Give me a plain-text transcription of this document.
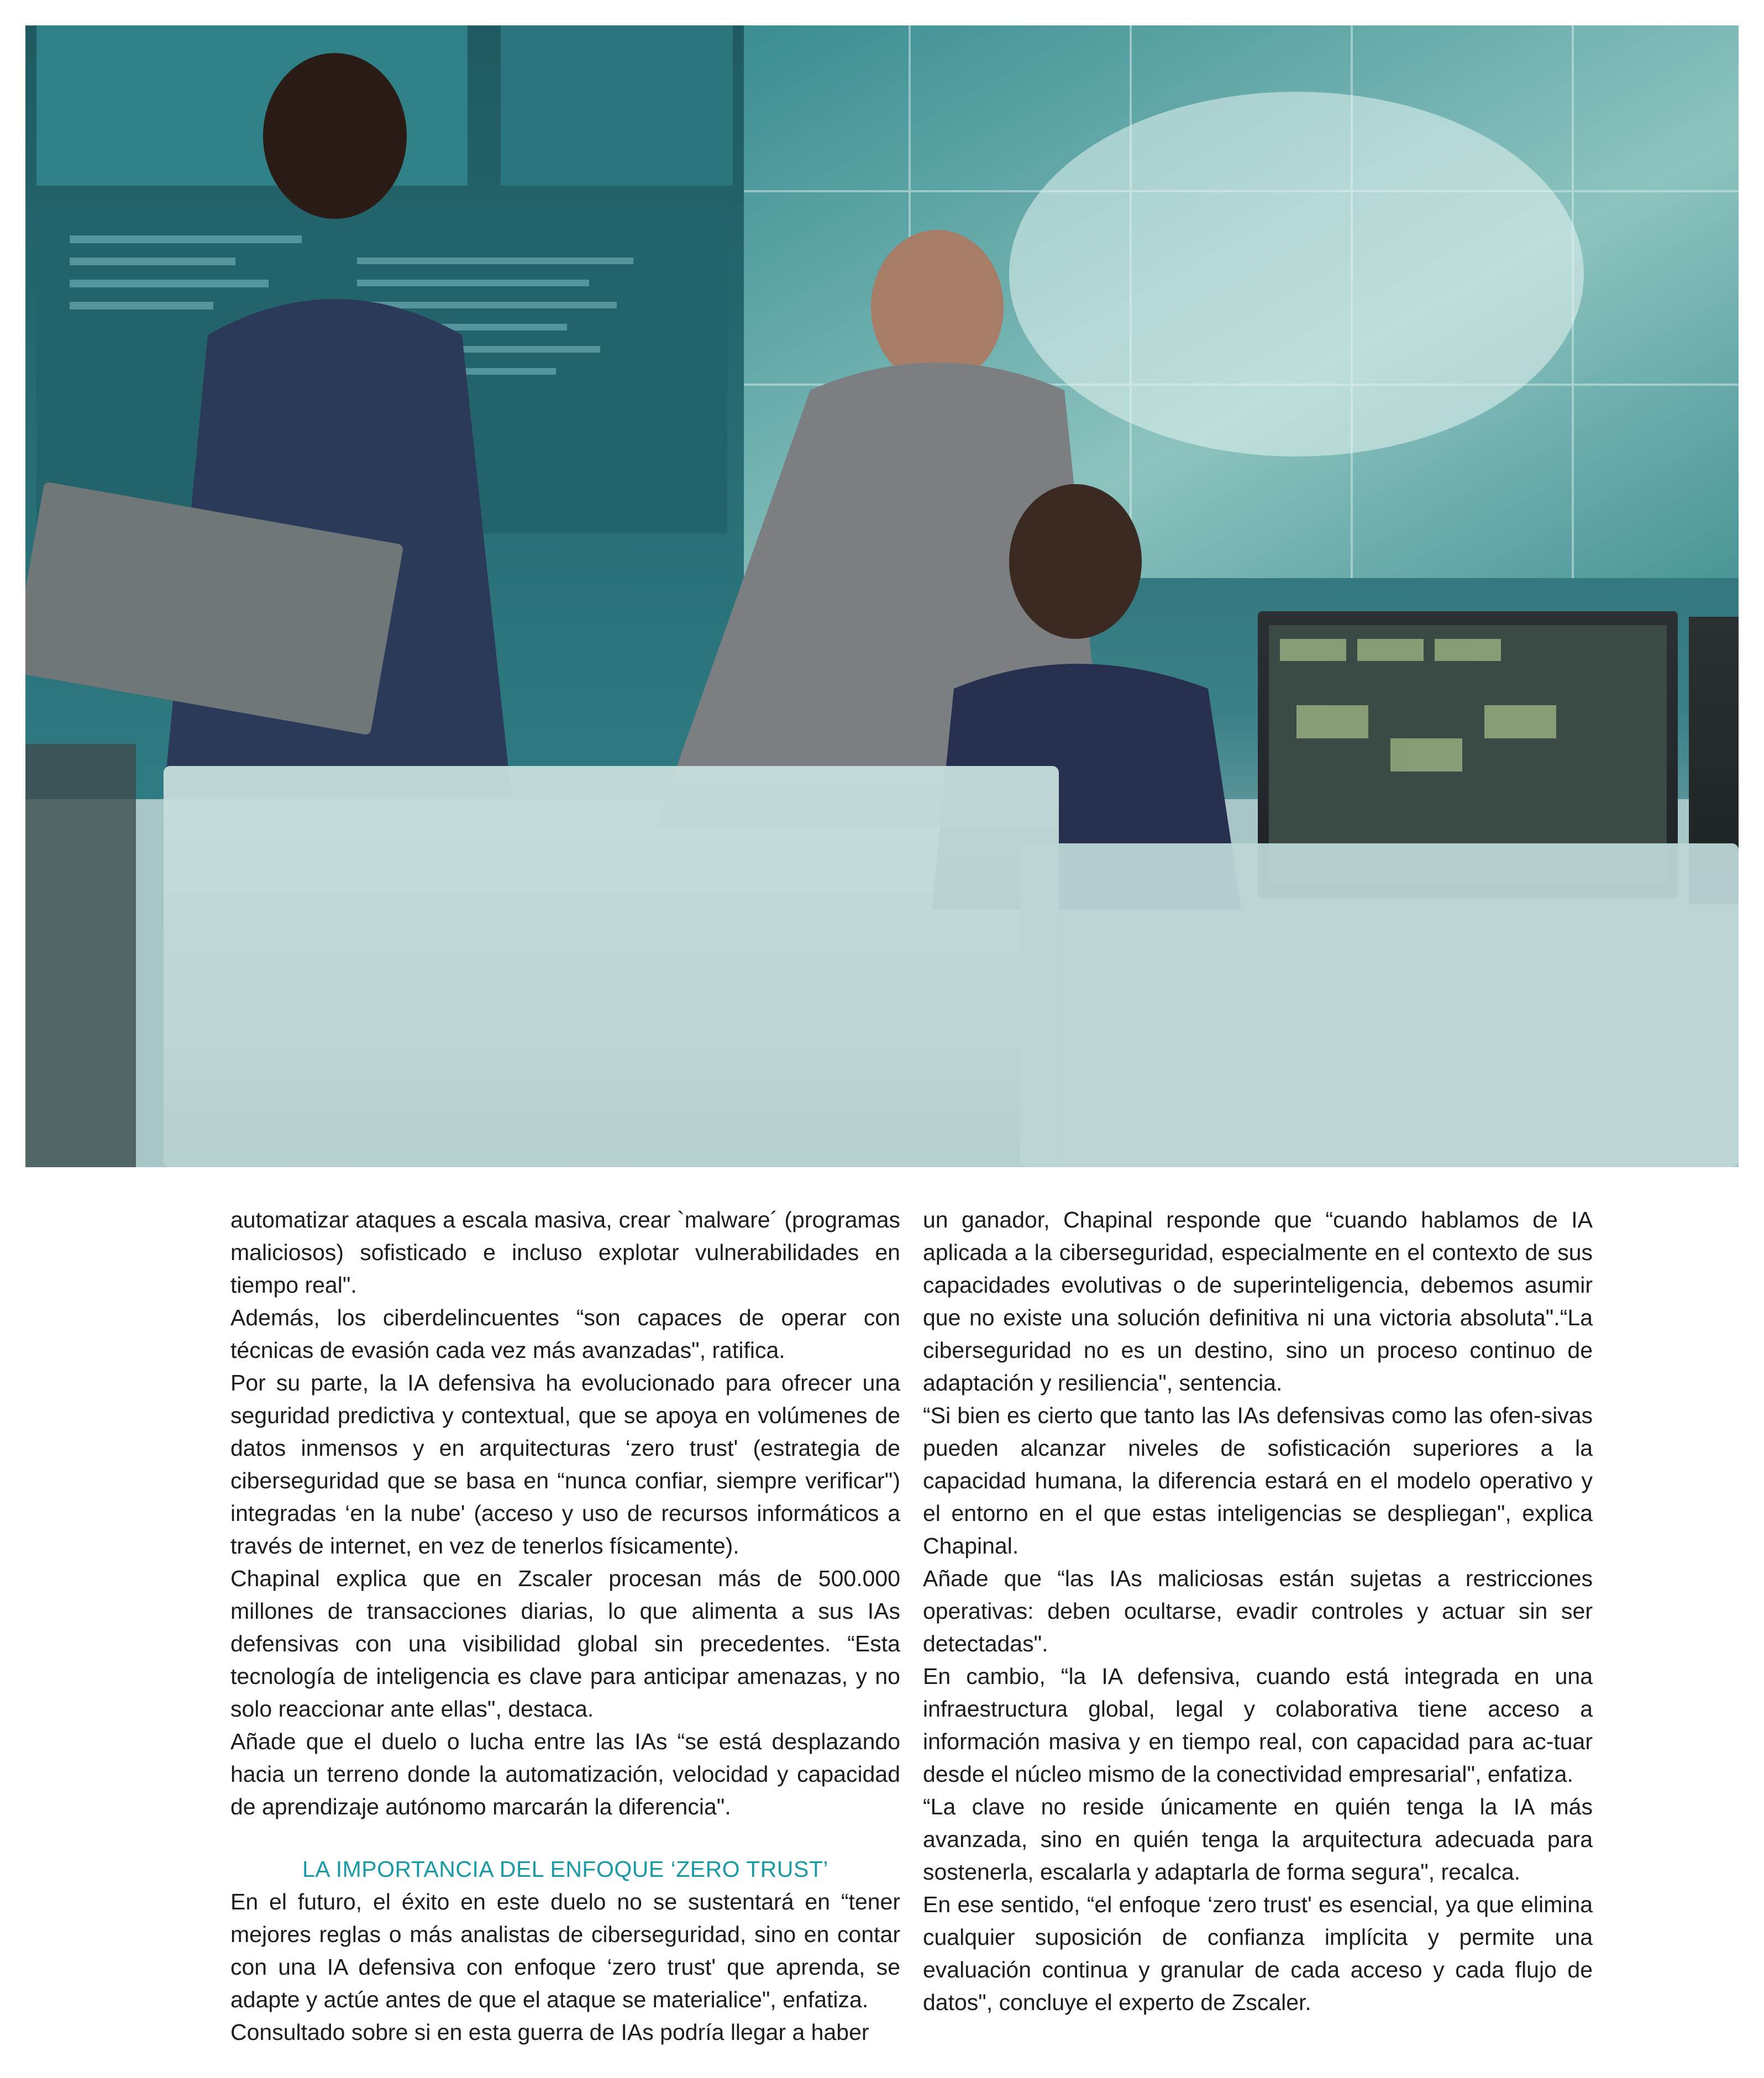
automatizar ataques a escala masiva, crear `malware´ (programas maliciosos) sofisticado e incluso explotar vulnerabilidades en tiempo real".

Además, los ciberdelincuentes “son capaces de operar con técnicas de evasión cada vez más avanzadas", ratifica.

Por su parte, la IA defensiva ha evolucionado para ofrecer una seguridad predictiva y contextual, que se apoya en volúmenes de datos inmensos y en arquitecturas ‘zero trust' (estrategia de ciberseguridad que se basa en “nunca confiar, siempre verificar") integradas ‘en la nube' (acceso y uso de recursos informáticos a través de internet, en vez de tenerlos físicamente).

Chapinal explica que en Zscaler procesan más de 500.000 millones de transacciones diarias, lo que alimenta a sus IAs defensivas con una visibilidad global sin precedentes. “Esta tecnología de inteligencia es clave para anticipar amenazas, y no solo reaccionar ante ellas", destaca.

Añade que el duelo o lucha entre las IAs “se está desplazando hacia un terreno donde la automatización, velocidad y capacidad de aprendizaje autónomo marcarán la diferencia".

LA IMPORTANCIA DEL ENFOQUE ‘ZERO TRUST’

En el futuro, el éxito en este duelo no se sustentará en “tener mejores reglas o más analistas de ciberseguridad, sino en contar con una IA defensiva con enfoque ‘zero trust' que aprenda, se adapte y actúe antes de que el ataque se materialice", enfatiza.

Consultado sobre si en esta guerra de IAs podría llegar a haber

un ganador, Chapinal responde que “cuando hablamos de IA aplicada a la ciberseguridad, especialmente en el contexto de sus capacidades evolutivas o de superinteligencia, debemos asumir que no existe una solución definitiva ni una victoria absoluta".“La ciberseguridad no es un destino, sino un proceso continuo de adaptación y resiliencia", sentencia.

“Si bien es cierto que tanto las IAs defensivas como las ofen-sivas pueden alcanzar niveles de sofisticación superiores a la capacidad humana, la diferencia estará en el modelo operativo y el entorno en el que estas inteligencias se despliegan", explica Chapinal.

Añade que “las IAs maliciosas están sujetas a restricciones operativas: deben ocultarse, evadir controles y actuar sin ser detectadas".

En cambio, “la IA defensiva, cuando está integrada en una infraestructura global, legal y colaborativa tiene acceso a información masiva y en tiempo real, con capacidad para ac-tuar desde el núcleo mismo de la conectividad empresarial", enfatiza.

“La clave no reside únicamente en quién tenga la IA más avanzada, sino en quién tenga la arquitectura adecuada para sostenerla, escalarla y adaptarla de forma segura", recalca.

En ese sentido, “el enfoque ‘zero trust' es esencial, ya que elimina cualquier suposición de confianza implícita y permite una evaluación continua y granular de cada acceso y cada flujo de datos", concluye el experto de Zscaler.
